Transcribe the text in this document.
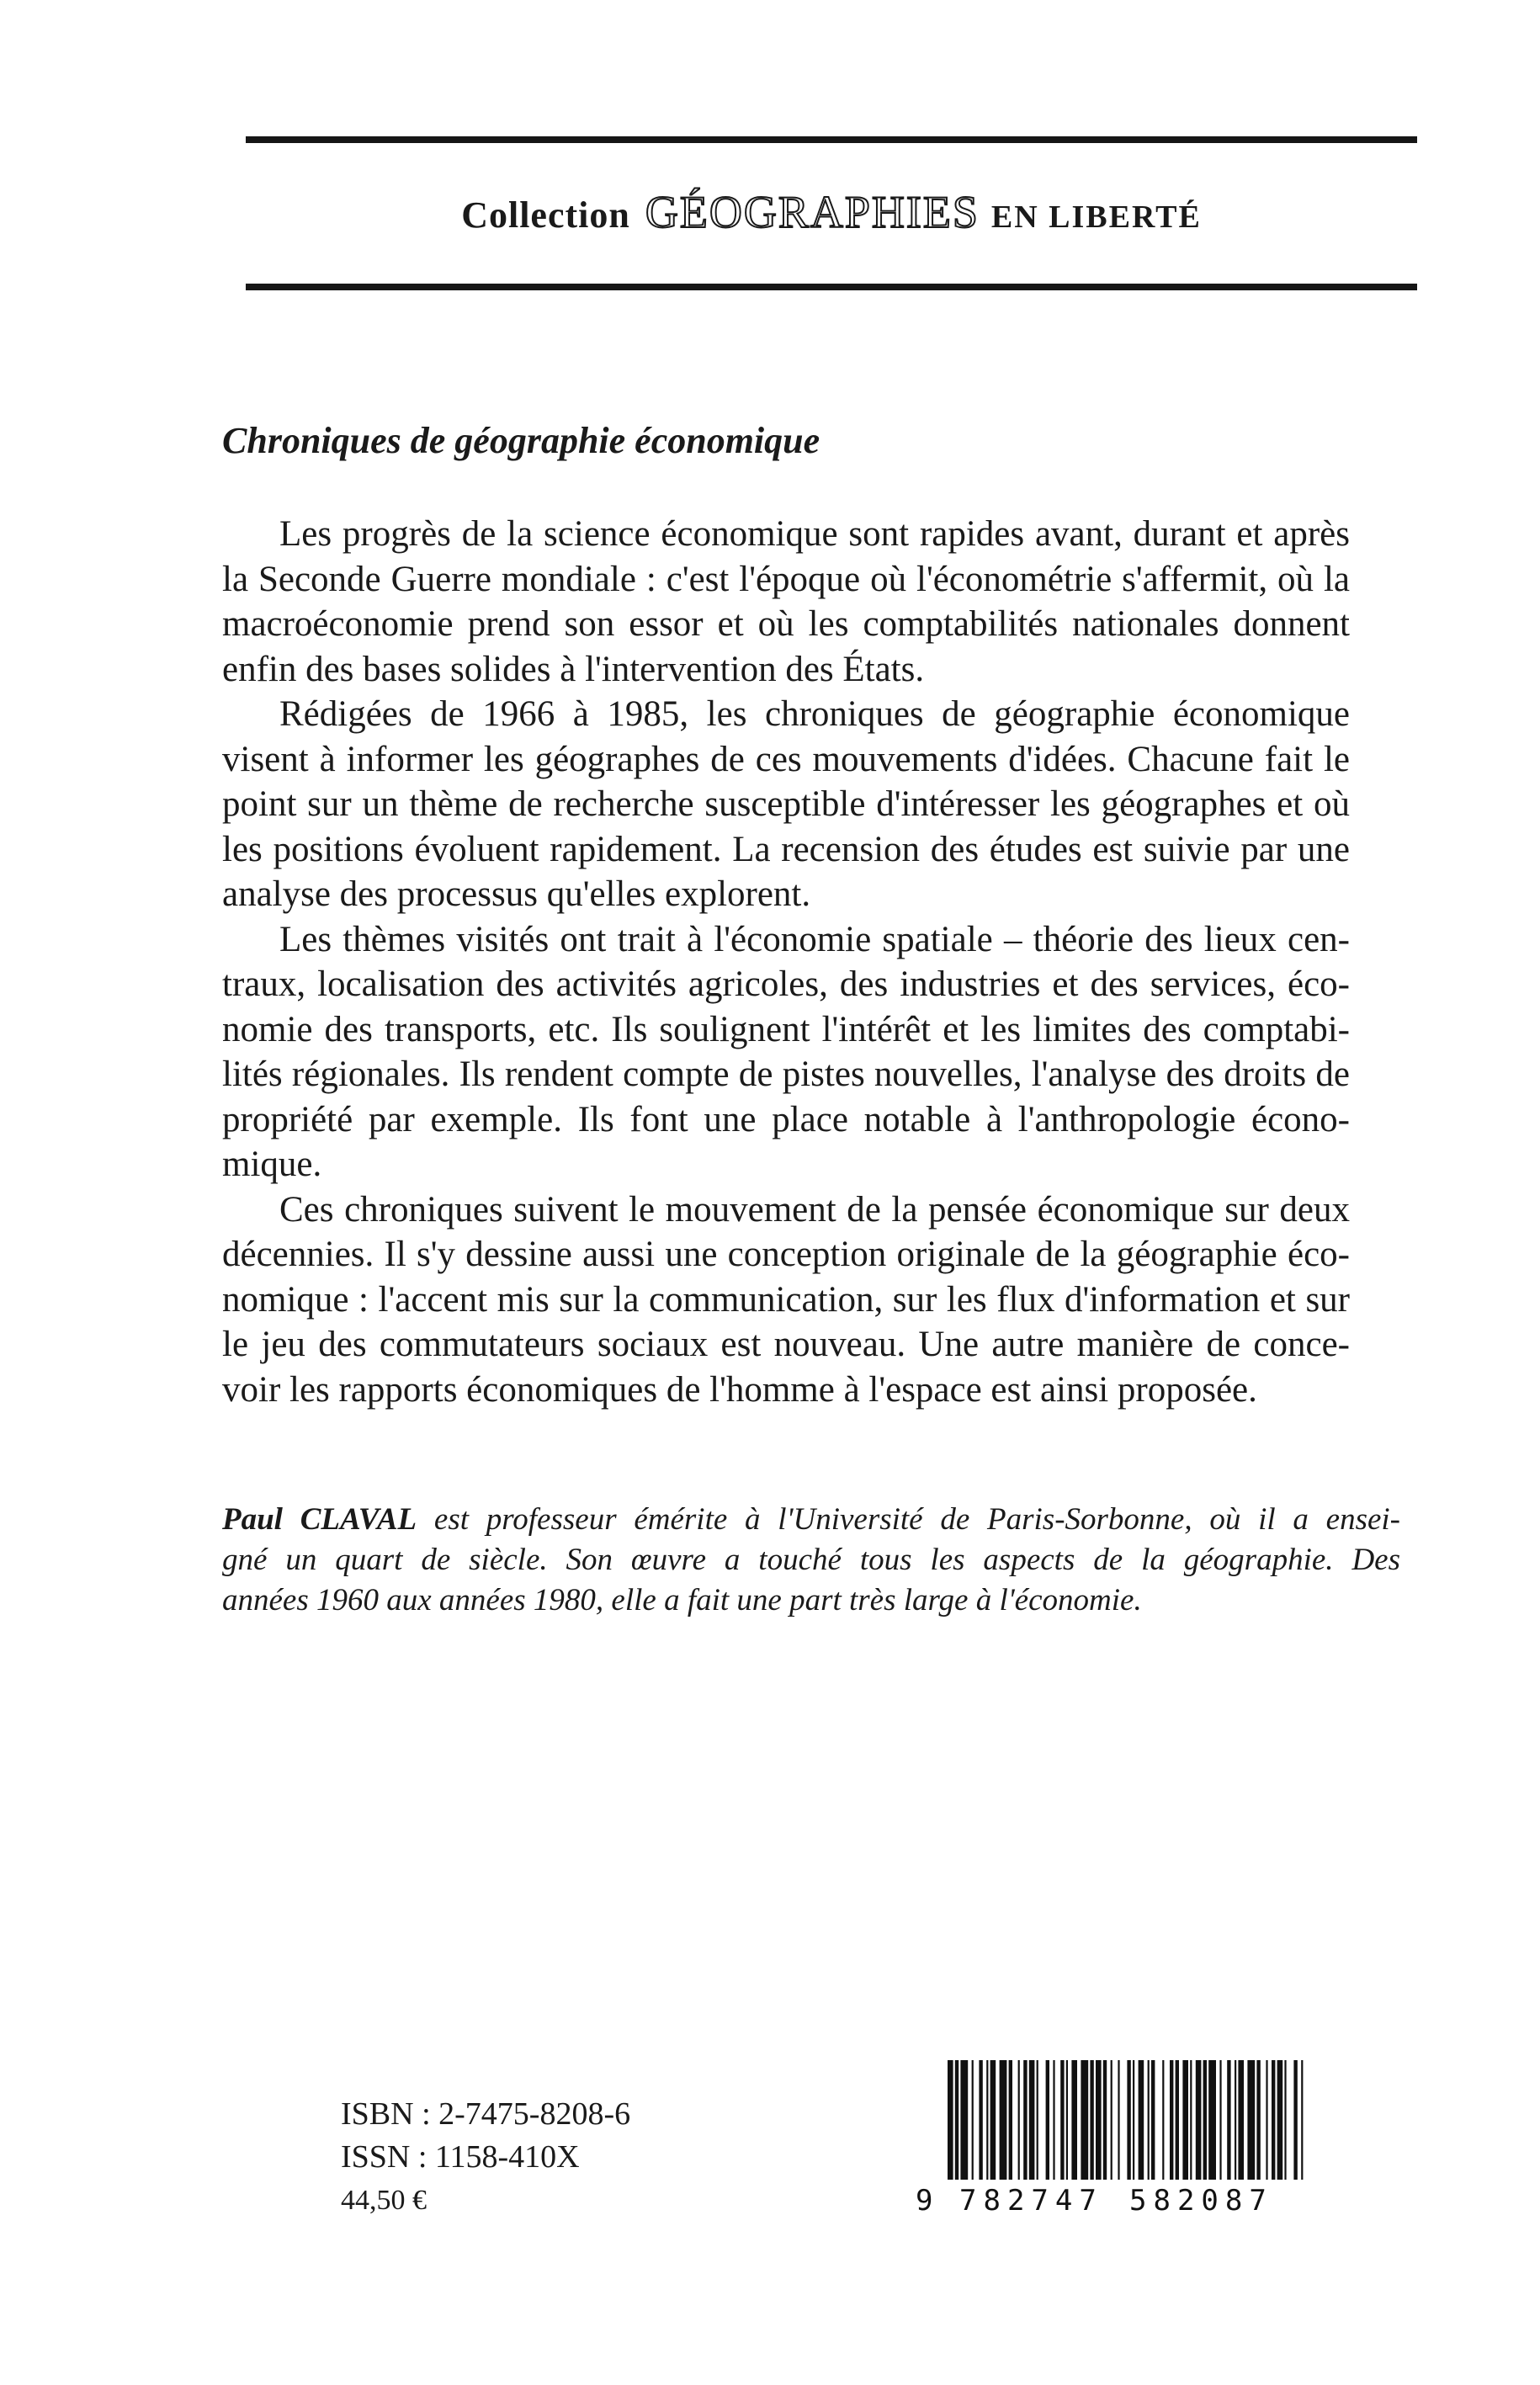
Collection GÉOGRAPHIES EN LIBERTÉ
Chroniques de géographie économique
Les progrès de la science économique sont rapides avant, durant et après
la Seconde Guerre mondiale : c'est l'époque où l'économétrie s'affermit, où la
macroéconomie prend son essor et où les comptabilités nationales donnent
enfin des bases solides à l'intervention des États.
Rédigées de 1966 à 1985, les chroniques de géographie économique
visent à informer les géographes de ces mouvements d'idées. Chacune fait le
point sur un thème de recherche susceptible d'intéresser les géographes et où
les positions évoluent rapidement. La recension des études est suivie par une
analyse des processus qu'elles explorent.
Les thèmes visités ont trait à l'économie spatiale – théorie des lieux cen-
traux, localisation des activités agricoles, des industries et des services, éco-
nomie des transports, etc. Ils soulignent l'intérêt et les limites des comptabi-
lités régionales. Ils rendent compte de pistes nouvelles, l'analyse des droits de
propriété par exemple. Ils font une place notable à l'anthropologie écono-
mique.
Ces chroniques suivent le mouvement de la pensée économique sur deux
décennies. Il s'y dessine aussi une conception originale de la géographie éco-
nomique : l'accent mis sur la communication, sur les flux d'information et sur
le jeu des commutateurs sociaux est nouveau. Une autre manière de conce-
voir les rapports économiques de l'homme à l'espace est ainsi proposée.
Paul CLAVAL est professeur émérite à l'Université de Paris-Sorbonne, où il a ensei-
gné un quart de siècle. Son œuvre a touché tous les aspects de la géographie. Des
années 1960 aux années 1980, elle a fait une part très large à l'économie.
ISBN : 2-7475-8208-6
ISSN : 1158-410X
44,50 €	9 782747 582087
